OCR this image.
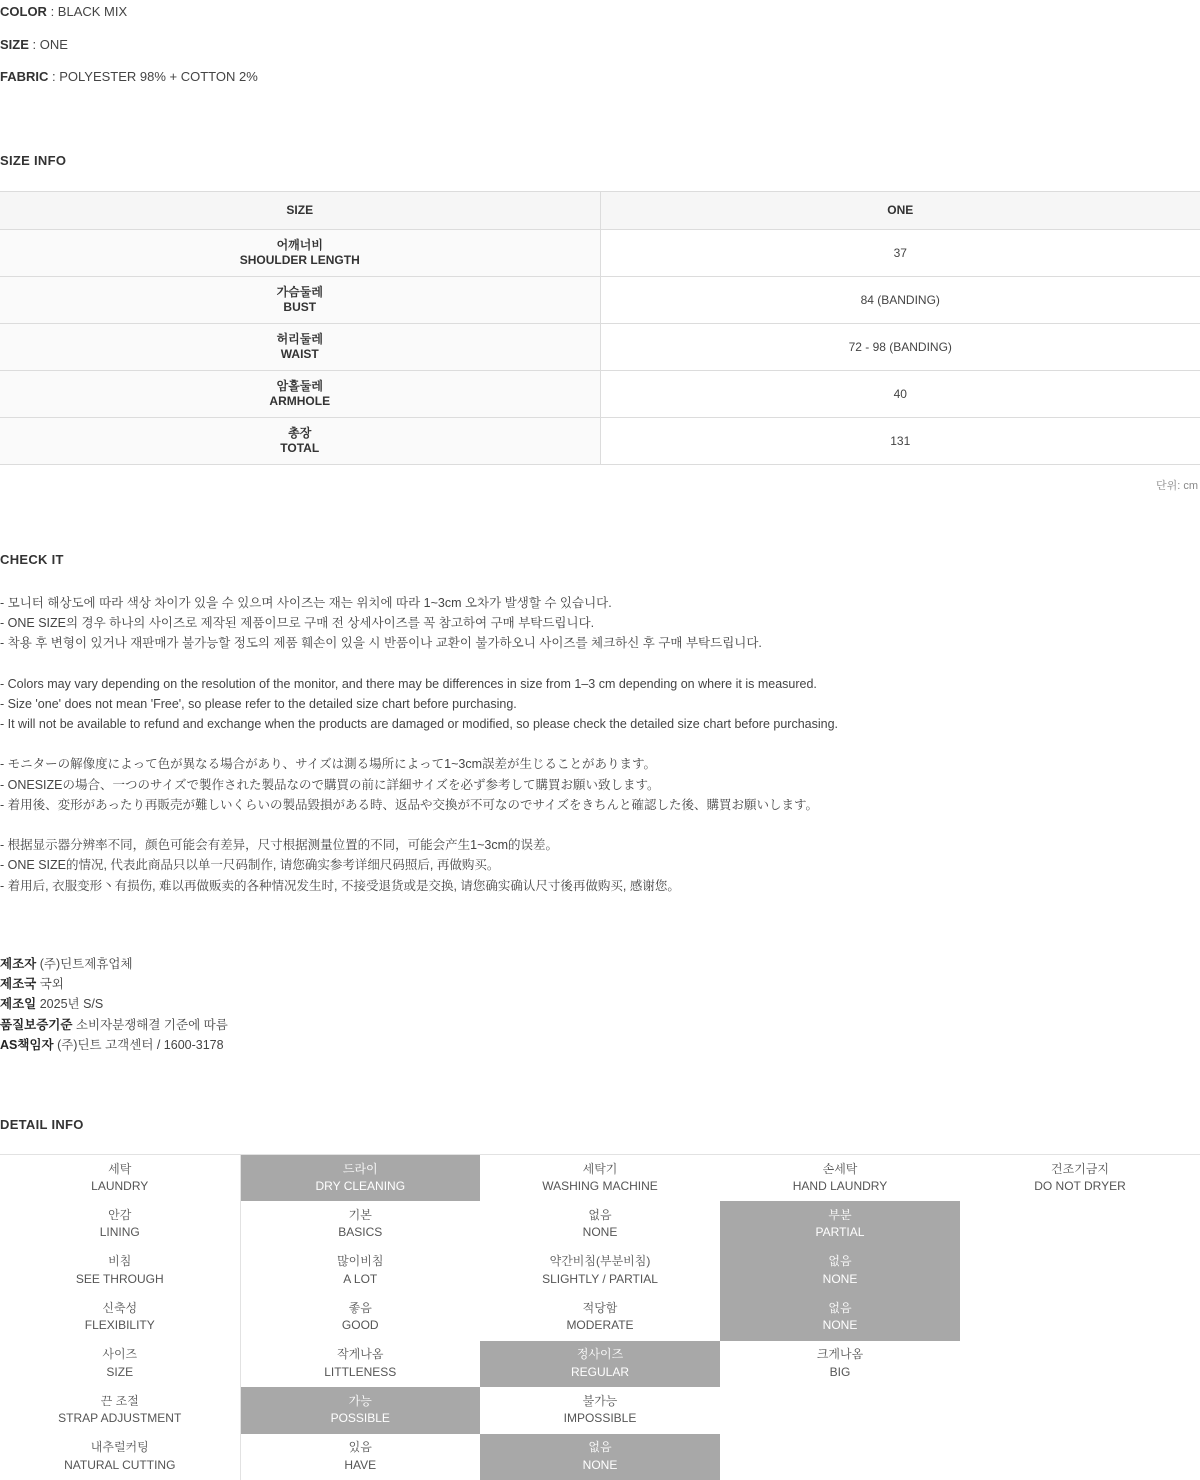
COLOR : BLACK MIX
SIZE : ONE
FABRIC : POLYESTER 98% + COTTON 2%
SIZE INFO
SIZE	ONE

어깨너비
SHOULDER LENGTH	37

가슴둘레
BUST	84 (BANDING)

허리둘레
WAIST	72 - 98 (BANDING)

암홀둘레
ARMHOLE	40

총장
TOTAL	131
단위: cm
CHECK IT
- 모니터 해상도에 따라 색상 차이가 있을 수 있으며 사이즈는 재는 위치에 따라 1~3cm 오차가 발생할 수 있습니다.
- ONE SIZE의 경우 하나의 사이즈로 제작된 제품이므로 구매 전 상세사이즈를 꼭 참고하여 구매 부탁드립니다.
- 착용 후 변형이 있거나 재판매가 불가능할 정도의 제품 훼손이 있을 시 반품이나 교환이 불가하오니 사이즈를 체크하신 후 구매 부탁드립니다.
- Colors may vary depending on the resolution of the monitor, and there may be differences in size from 1–3 cm depending on where it is measured.
- Size 'one' does not mean 'Free', so please refer to the detailed size chart before purchasing.
- It will not be available to refund and exchange when the products are damaged or modified, so please check the detailed size chart before purchasing.
- モニターの解像度によって色が異なる場合があり、サイズは測る場所によって1~3cm誤差が生じることがあります。
- ONESIZEの場合、一つのサイズで製作された製品なので購買の前に詳細サイズを必ず参考して購買お願い致します。
- 着用後、変形があったり再販売が難しいくらいの製品毀損がある時、返品や交換が不可なのでサイズをきちんと確認した後、購買お願いします。
- 根据显示器分辨率不同，颜色可能会有差异，尺寸根据测量位置的不同，可能会产生1~3cm的误差。
- ONE SIZE的情况, 代表此商品只以单一尺码制作, 请您确实参考详细尺码照后, 再做购买。
- 着用后, 衣服变形丶有损伤, 难以再做贩卖的各种情况发生时, 不接受退货或是交换, 请您确实确认尺寸後再做购买, 感谢您。
제조자 (주)딘트제휴업체
제조국 국외
제조일 2025년 S/S
품질보증기준 소비자분쟁해결 기준에 따름
AS책임자 (주)딘트 고객센터 / 1600-3178
DETAIL INFO
세탁
LAUNDRY	드라이
DRY CLEANING	세탁기
WASHING MACHINE	손세탁
HAND LAUNDRY	건조기금지
DO NOT DRYER

안감
LINING	기본
BASICS	없음
NONE	부분
PARTIAL	

비침
SEE THROUGH	많이비침
A LOT	약간비침(부분비침)
SLIGHTLY / PARTIAL	없음
NONE	

신축성
FLEXIBILITY	좋음
GOOD	적당함
MODERATE	없음
NONE	

사이즈
SIZE	작게나옴
LITTLENESS	정사이즈
REGULAR	크게나옴
BIG	

끈 조절
STRAP ADJUSTMENT	가능
POSSIBLE	불가능
IMPOSSIBLE		

내추럴커팅
NATURAL CUTTING	있음
HAVE	없음
NONE		
